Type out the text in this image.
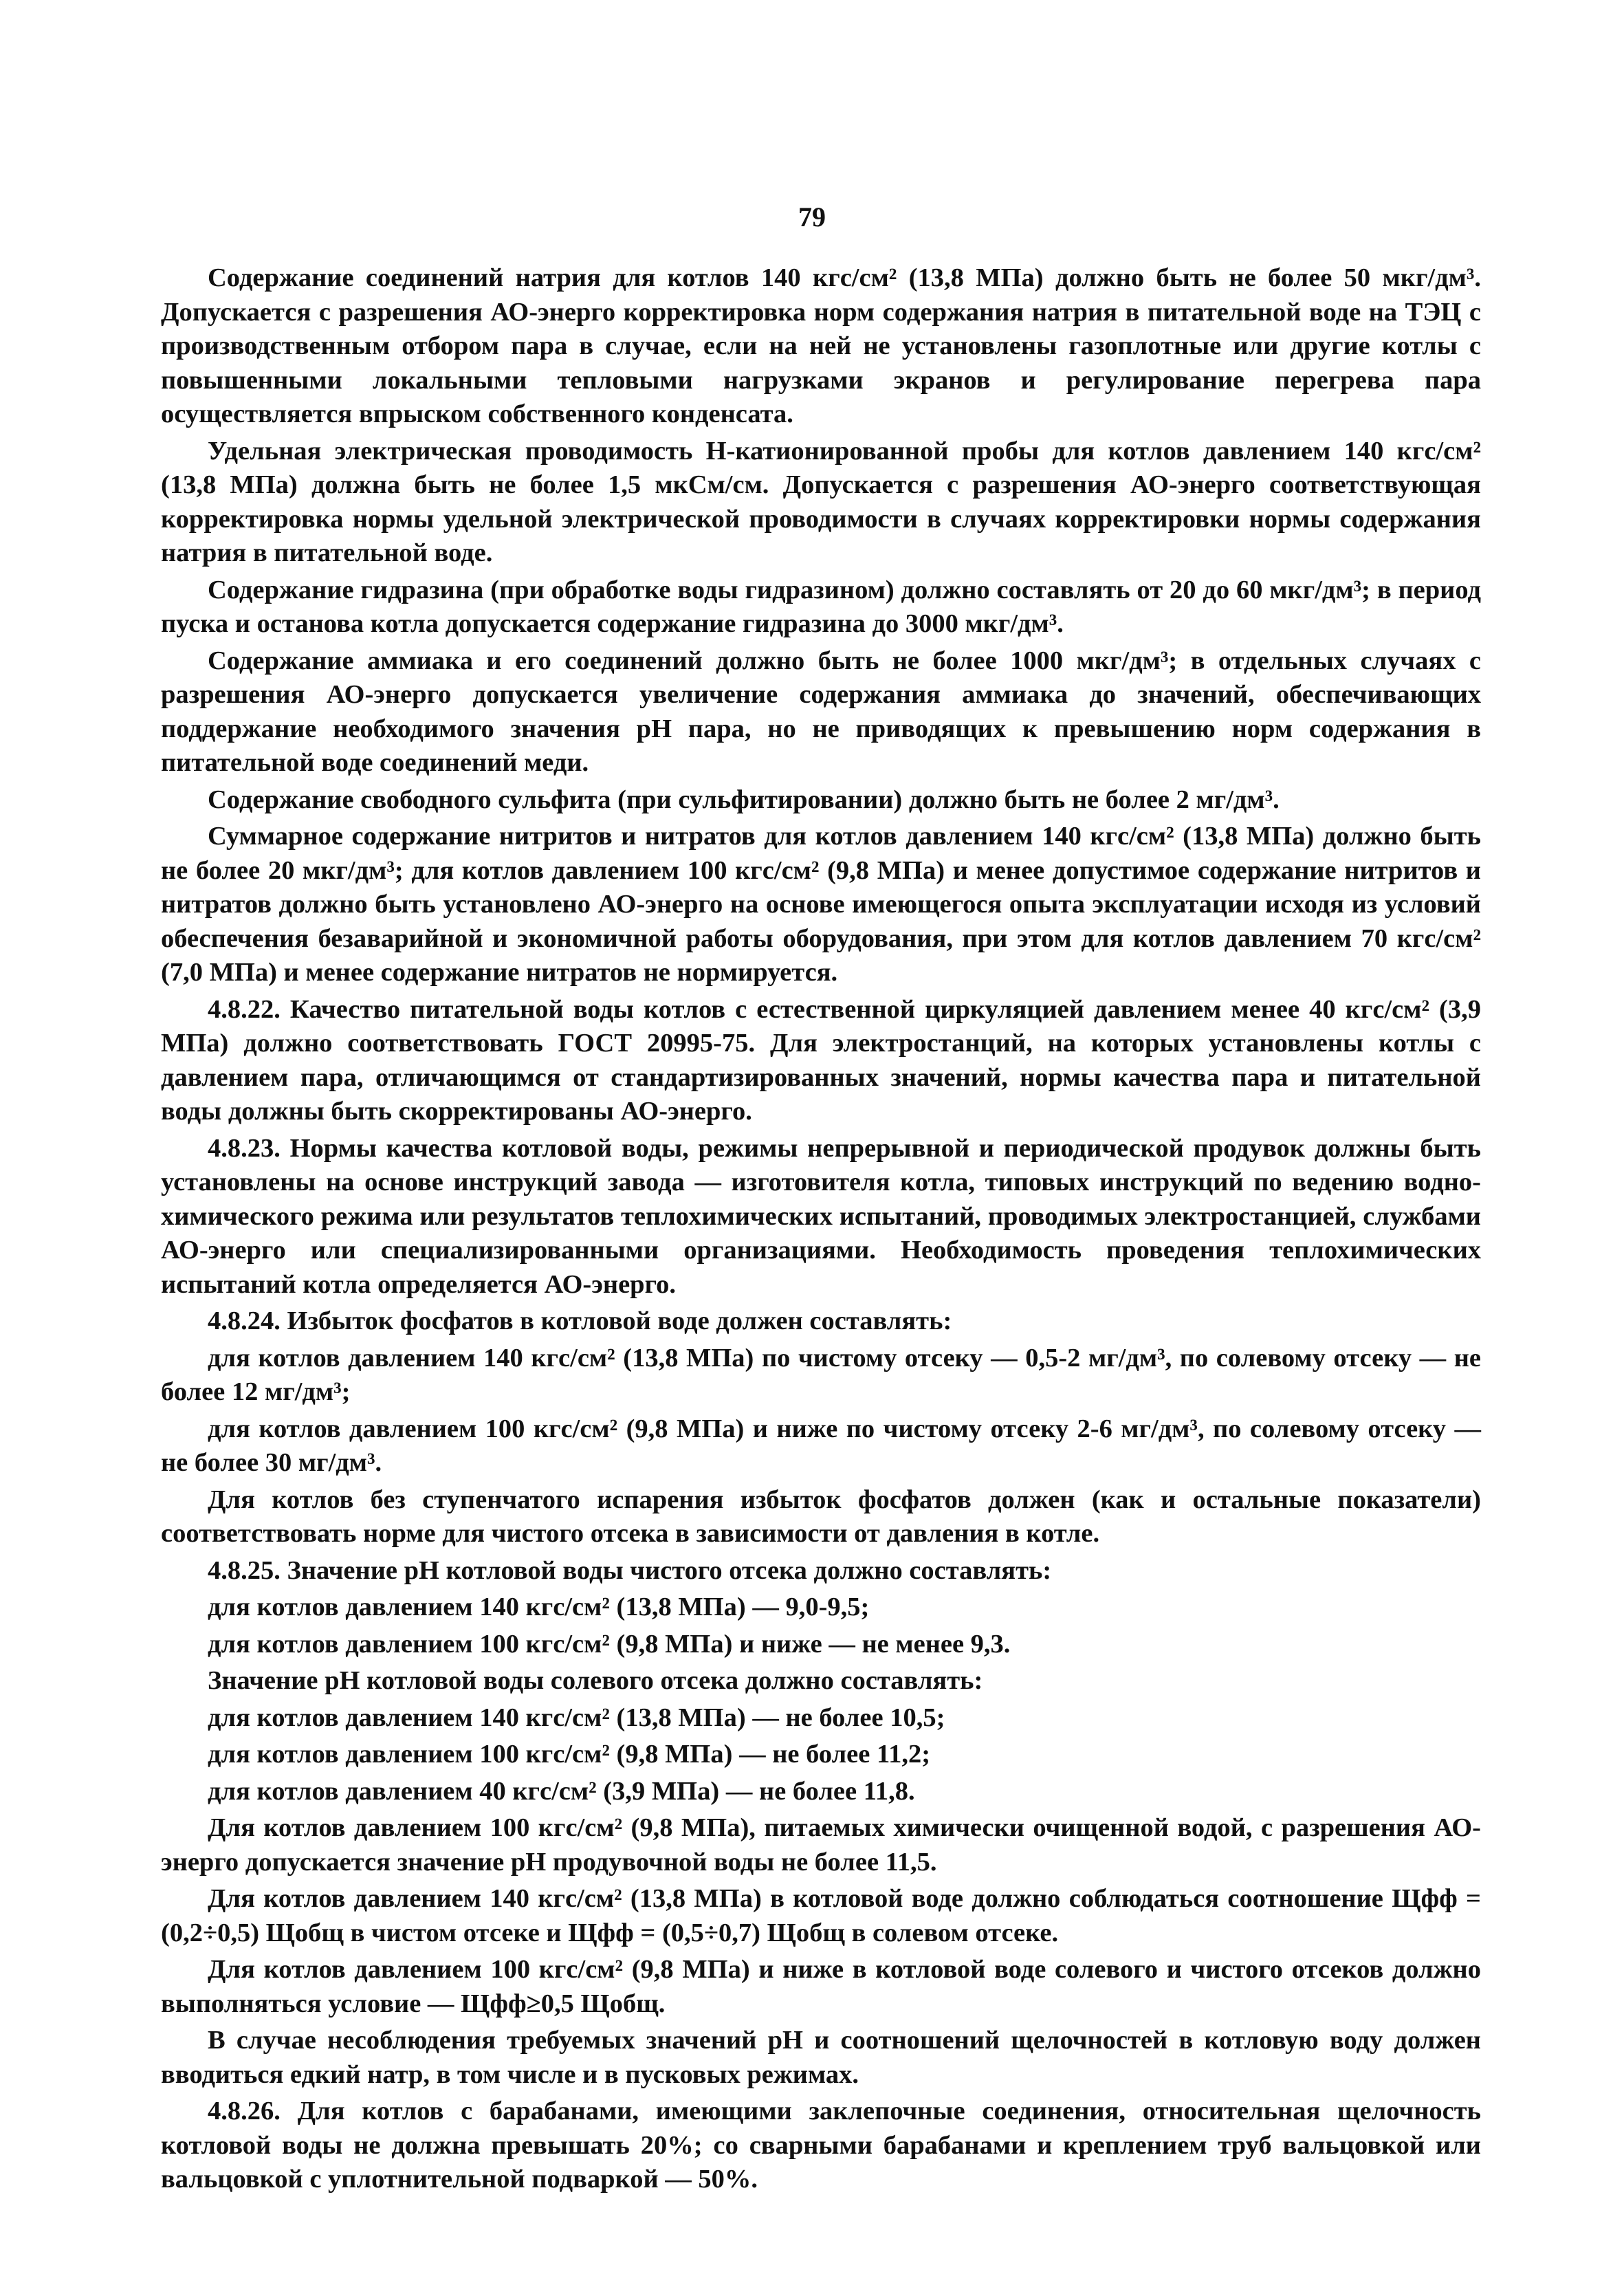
79

Содержание соединений натрия для котлов 140 кгс/см² (13,8 МПа) должно быть не более 50 мкг/дм³. Допускается с разрешения АО-энерго корректировка норм содержания натрия в питательной воде на ТЭЦ с производственным отбором пара в случае, если на ней не установлены газоплотные или другие котлы с повышенными локальными тепловыми нагрузками экранов и регулирование перегрева пара осуществляется впрыском собственного конденсата.

Удельная электрическая проводимость Н-катионированной пробы для котлов давлением 140 кгс/см² (13,8 МПа) должна быть не более 1,5 мкСм/см. Допускается с разрешения АО-энерго соответствующая корректировка нормы удельной электрической проводимости в случаях корректировки нормы содержания натрия в питательной воде.

Содержание гидразина (при обработке воды гидразином) должно составлять от 20 до 60 мкг/дм³; в период пуска и останова котла допускается содержание гидразина до 3000 мкг/дм³.

Содержание аммиака и его соединений должно быть не более 1000 мкг/дм³; в отдельных случаях с разрешения АО-энерго допускается увеличение содержания аммиака до значений, обеспечивающих поддержание необходимого значения рН пара, но не приводящих к превышению норм содержания в питательной воде соединений меди.

Содержание свободного сульфита (при сульфитировании) должно быть не более 2 мг/дм³.

Суммарное содержание нитритов и нитратов для котлов давлением 140 кгс/см² (13,8 МПа) должно быть не более 20 мкг/дм³; для котлов давлением 100 кгс/см² (9,8 МПа) и менее допустимое содержание нитритов и нитратов должно быть установлено АО-энерго на основе имеющегося опыта эксплуатации исходя из условий обеспечения безаварийной и экономичной работы оборудования, при этом для котлов давлением 70 кгс/см² (7,0 МПа) и менее содержание нитратов не нормируется.

4.8.22. Качество питательной воды котлов с естественной циркуляцией давлением менее 40 кгс/см² (3,9 МПа) должно соответствовать ГОСТ 20995-75. Для электростанций, на которых установлены котлы с давлением пара, отличающимся от стандартизированных значений, нормы качества пара и питательной воды должны быть скорректированы АО-энерго.

4.8.23. Нормы качества котловой воды, режимы непрерывной и периодической продувок должны быть установлены на основе инструкций завода — изготовителя котла, типовых инструкций по ведению водно-химического режима или результатов теплохимических испытаний, проводимых электростанцией, службами АО-энерго или специализированными организациями. Необходимость проведения теплохимических испытаний котла определяется АО-энерго.

4.8.24. Избыток фосфатов в котловой воде должен составлять:

для котлов давлением 140 кгс/см² (13,8 МПа) по чистому отсеку — 0,5-2 мг/дм³, по солевому отсеку — не более 12 мг/дм³;

для котлов давлением 100 кгс/см² (9,8 МПа) и ниже по чистому отсеку 2-6 мг/дм³, по солевому отсеку — не более 30 мг/дм³.

Для котлов без ступенчатого испарения избыток фосфатов должен (как и остальные показатели) соответствовать норме для чистого отсека в зависимости от давления в котле.

4.8.25. Значение рН котловой воды чистого отсека должно составлять:

для котлов давлением 140 кгс/см² (13,8 МПа) — 9,0-9,5;

для котлов давлением 100 кгс/см² (9,8 МПа) и ниже — не менее 9,3.

Значение рН котловой воды солевого отсека должно составлять:

для котлов давлением 140 кгс/см² (13,8 МПа) — не более 10,5;

для котлов давлением 100 кгс/см² (9,8 МПа) — не более 11,2;

для котлов давлением 40 кгс/см² (3,9 МПа) — не более 11,8.

Для котлов давлением 100 кгс/см² (9,8 МПа), питаемых химически очищенной водой, с разрешения АО-энерго допускается значение рН продувочной воды не более 11,5.

Для котлов давлением 140 кгс/см² (13,8 МПа) в котловой воде должно соблюдаться соотношение Щфф = (0,2÷0,5) Щобщ в чистом отсеке и Щфф = (0,5÷0,7) Щобщ в солевом отсеке.

Для котлов давлением 100 кгс/см² (9,8 МПа) и ниже в котловой воде солевого и чистого отсеков должно выполняться условие — Щфф≥0,5 Щобщ.

В случае несоблюдения требуемых значений рН и соотношений щелочностей в котловую воду должен вводиться едкий натр, в том числе и в пусковых режимах.

4.8.26. Для котлов с барабанами, имеющими заклепочные соединения, относительная щелочность котловой воды не должна превышать 20%; со сварными барабанами и креплением труб вальцовкой или вальцовкой с уплотнительной подваркой — 50%.
